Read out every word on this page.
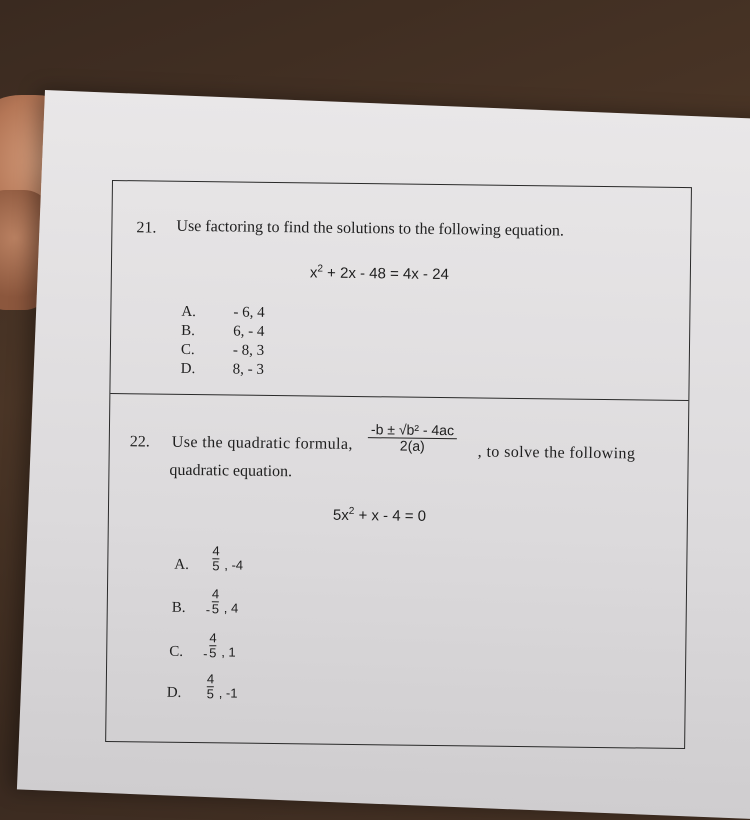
21. Use factoring to find the solutions to the following equation.
$x^2 + 2x - 48 = 4x - 24$
A. - 6, 4
B.	6, - 4
C.	- 8, 3
D. 8, - 3
22. Use the quadratic formula,
-b ± √b² - 4ac
2(a)	, to solve the following
quadratic equation.
$5x^2 + x - 4 = 0$
A.
4
5 , -4
B. -
4
5 , 4
C. -
4
5 , 1
D.
4
5 , -1
